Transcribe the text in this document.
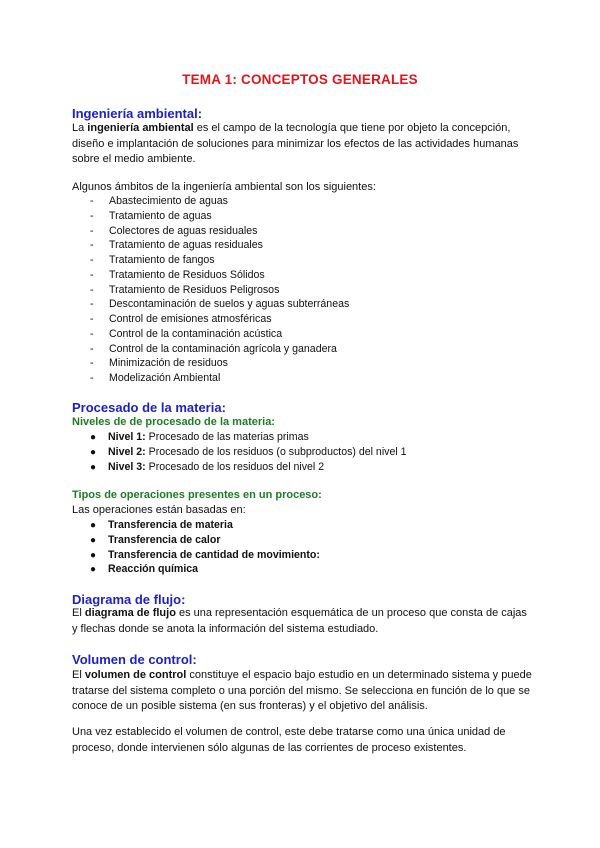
TEMA 1: CONCEPTOS GENERALES
Ingeniería ambiental:
La ingeniería ambiental es el campo de la tecnología que tiene por objeto la concepción, diseño e implantación de soluciones para minimizar los efectos de las actividades humanas sobre el medio ambiente.
Algunos ámbitos de la ingeniería ambiental son los siguientes:
- Abastecimiento de aguas
- Tratamiento de aguas
- Colectores de aguas residuales
- Tratamiento de aguas residuales
- Tratamiento de fangos
- Tratamiento de Residuos Sólidos
- Tratamiento de Residuos Peligrosos
- Descontaminación de suelos y aguas subterráneas
- Control de emisiones atmosféricas
- Control de la contaminación acústica
- Control de la contaminación agrícola y ganadera
- Minimización de residuos
- Modelización Ambiental
Procesado de la materia:
Niveles de de procesado de la materia:
● Nivel 1: Procesado de las materias primas
● Nivel 2: Procesado de los residuos (o subproductos) del nivel 1
● Nivel 3: Procesado de los residuos del nivel 2
Tipos de operaciones presentes en un proceso:
Las operaciones están basadas en:
● Transferencia de materia
● Transferencia de calor
● Transferencia de cantidad de movimiento:
● Reacción química
Diagrama de flujo:
El diagrama de flujo es una representación esquemática de un proceso que consta de cajas y flechas donde se anota la información del sistema estudiado.
Volumen de control:
El volumen de control constituye el espacio bajo estudio en un determinado sistema y puede tratarse del sistema completo o una porción del mismo. Se selecciona en función de lo que se conoce de un posible sistema (en sus fronteras) y el objetivo del análisis.
Una vez establecido el volumen de control, este debe tratarse como una única unidad de proceso, donde intervienen sólo algunas de las corrientes de proceso existentes.
